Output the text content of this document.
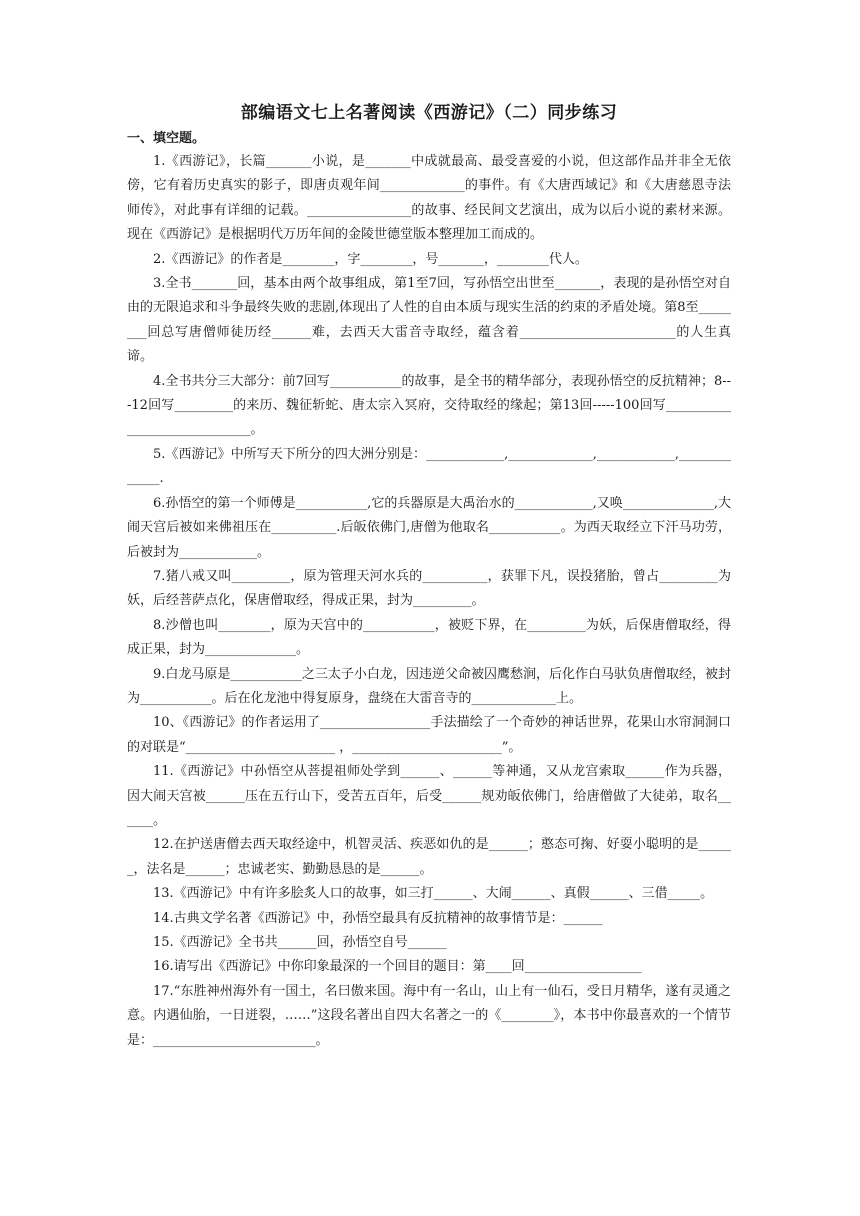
部编语文七上名著阅读《西游记》（二）同步练习
一、填空题。

1.《西游记》，长篇_______小说，是_______中成就最高、最受喜爱的小说，但这部作品并非全无依傍，它有着历史真实的影子，即唐贞观年间_____________的事件。有《大唐西域记》和《大唐慈恩寺法师传》，对此事有详细的记载。________________的故事、经民间文艺演出，成为以后小说的素材来源。现在《西游记》是根据明代万历年间的金陵世德堂版本整理加工而成的。

2.《西游记》的作者是________，字________，号_______，________代人。

3.全书_______回，基本由两个故事组成，第1至7回，写孙悟空出世至_______，表现的是孙悟空对自由的无限追求和斗争最终失败的悲剧,体现出了人性的自由本质与现实生活的约束的矛盾处境。第8至________回总写唐僧师徒历经______难，去西天大雷音寺取经，蕴含着________________________的人生真谛。

4.全书共分三大部分：前7回写___________的故事，是全书的精华部分，表现孙悟空的反抗精神；8---12回写_________的来历、魏征斩蛇、唐太宗入冥府，交待取经的缘起；第13回-----100回写_____________________________。

5.《西游记》中所写天下所分的四大洲分别是：____________,_____________,____________,_____________.

6.孙悟空的第一个师傅是___________,它的兵器原是大禹治水的____________,又唤______________,大闹天宫后被如来佛祖压在__________.后皈依佛门,唐僧为他取名___________。为西天取经立下汗马功劳，后被封为____________。

7.猪八戒又叫_________，原为管理天河水兵的__________，获罪下凡，误投猪胎，曾占_________为妖，后经菩萨点化，保唐僧取经，得成正果，封为_________。

8.沙僧也叫________，原为天宫中的___________，被贬下界，在_________为妖，后保唐僧取经，得成正果，封为______________。

9.白龙马原是___________之三太子小白龙，因违逆父命被囚鹰愁涧，后化作白马驮负唐僧取经，被封为___________。后在化龙池中得复原身，盘绕在大雷音寺的_____________上。

10、《西游记》的作者运用了_________________手法描绘了一个奇妙的神话世界，花果山水帘洞洞口的对联是“_______________________ ，_______________________”。

11.《西游记》中孙悟空从菩提祖师处学到______、______等神通，又从龙宫索取______作为兵器，因大闹天宫被______压在五行山下，受苦五百年，后受______规劝皈依佛门，给唐僧做了大徒弟，取名______。

12.在护送唐僧去西天取经途中，机智灵活、疾恶如仇的是______；憨态可掬、好耍小聪明的是______，法名是______；忠诚老实、勤勤恳恳的是______。

13.《西游记》中有许多脍炙人口的故事，如三打______、大闹______、真假______、三借_____。

14.古典文学名著《西游记》中，孙悟空最具有反抗精神的故事情节是：______

15.《西游记》全书共______回，孙悟空自号______

16.请写出《西游记》中你印象最深的一个回目的题目：第____回__________________

17.“东胜神州海外有一国土，名曰傲来国。海中有一名山，山上有一仙石，受日月精华，遂有灵通之意。内遇仙胎，一日迸裂，……”这段名著出自四大名著之一的《________》，本书中你最喜欢的一个情节是：_________________________。
